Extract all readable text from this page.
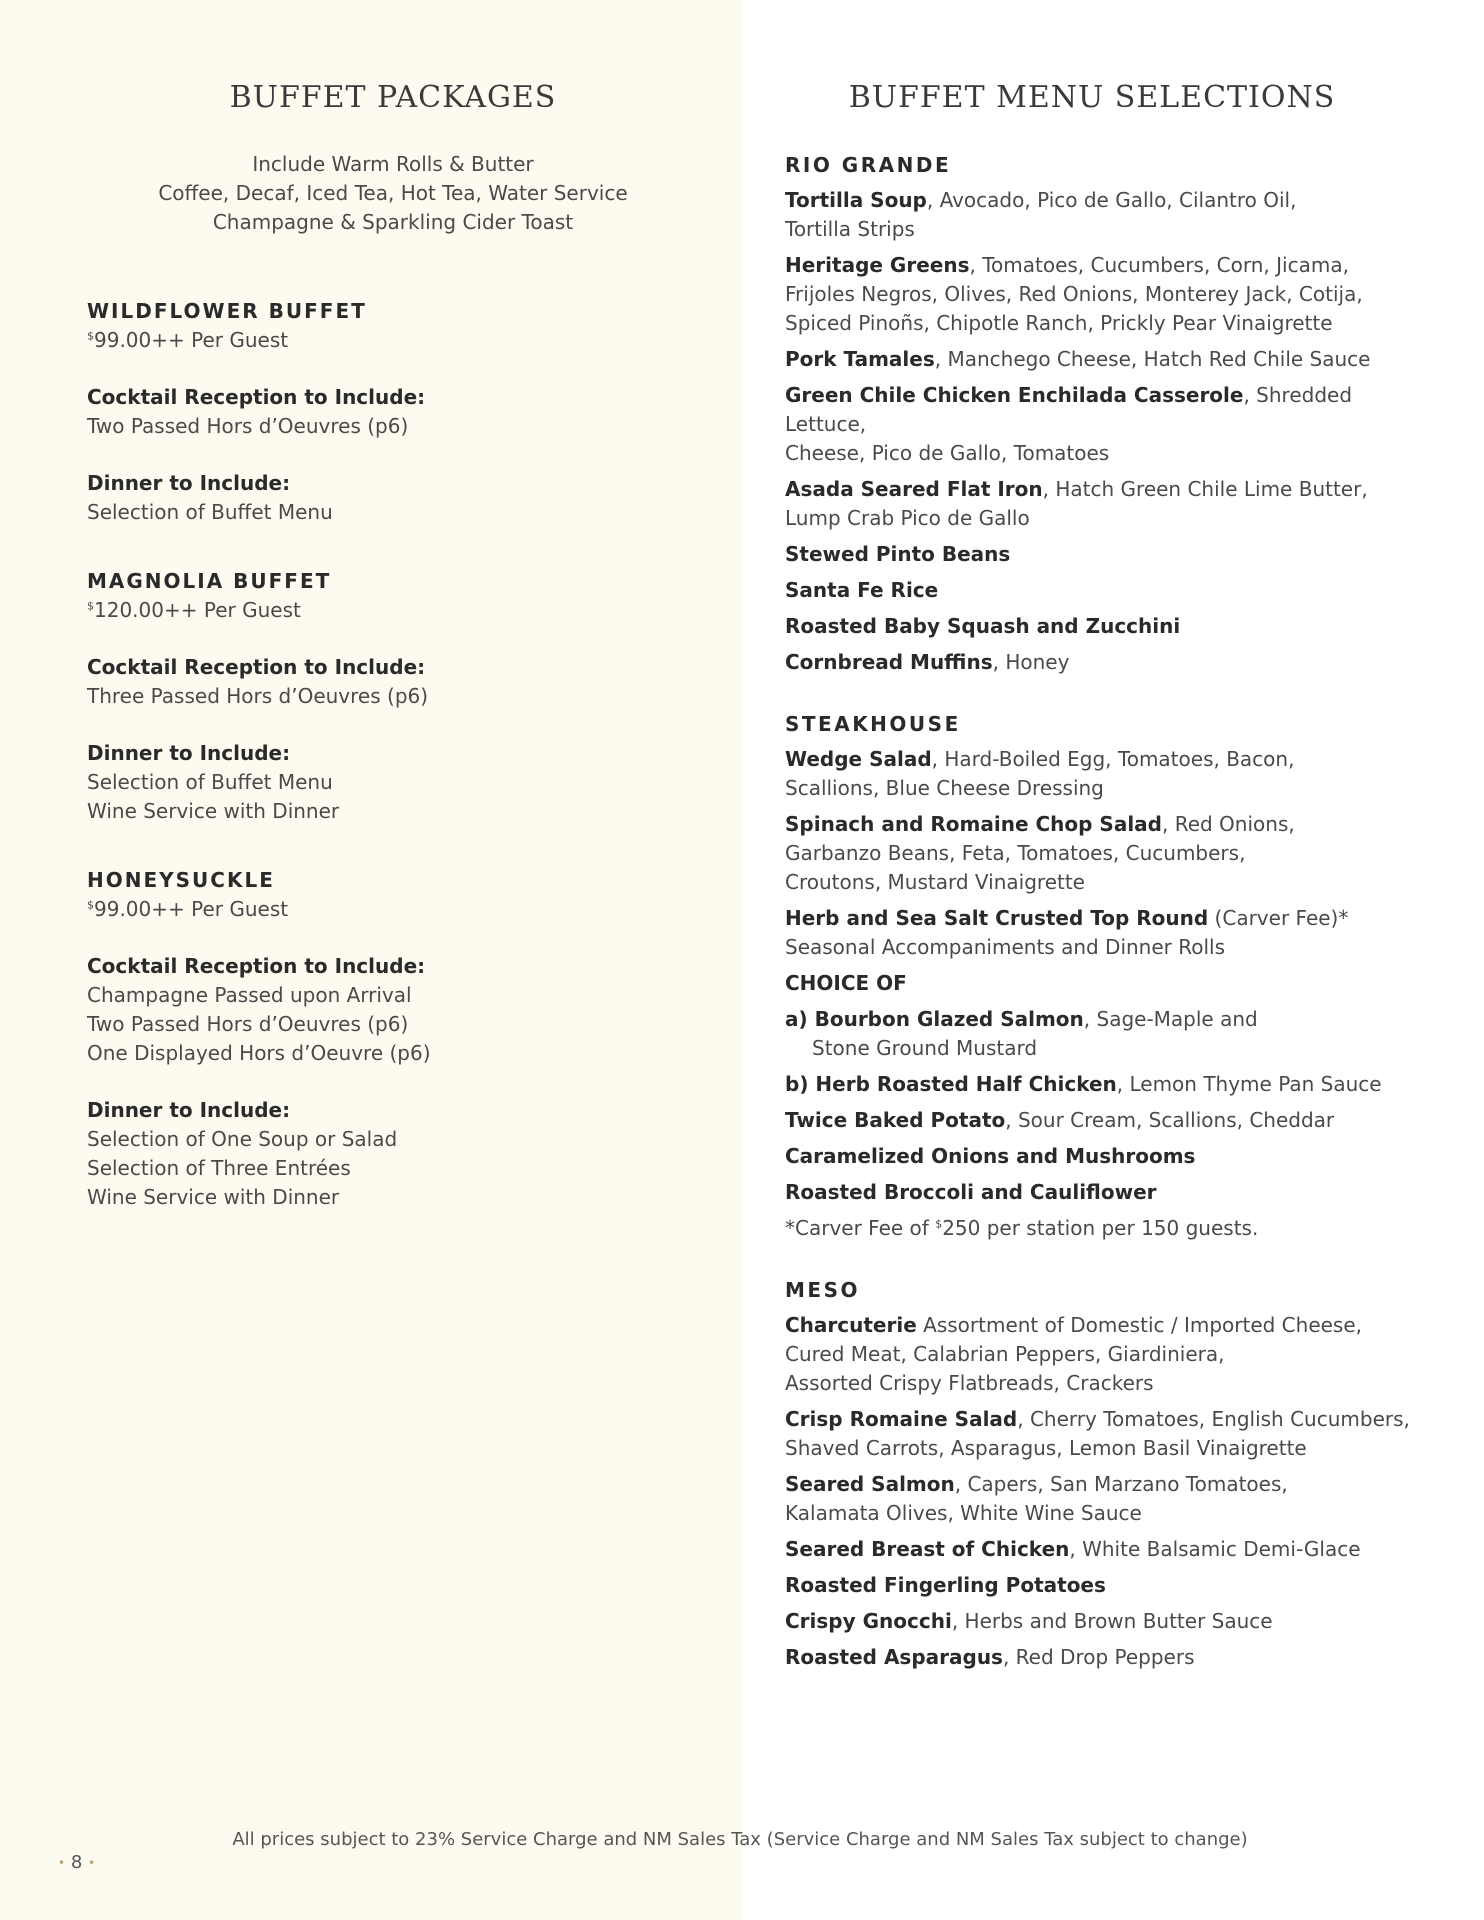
BUFFET PACKAGES	BUFFET MENU SELECTIONS
Include Warm Rolls & Butter
Coffee, Decaf, Iced Tea, Hot Tea, Water Service
Champagne & Sparkling Cider Toast
WILDFLOWER BUFFET
$99.00++ Per Guest
Cocktail Reception to Include:
Two Passed Hors d’Oeuvres (p6)
Dinner to Include:
Selection of Buffet Menu
MAGNOLIA BUFFET
$120.00++ Per Guest
Cocktail Reception to Include:
Three Passed Hors d’Oeuvres (p6)
Dinner to Include:
Selection of Buffet Menu
Wine Service with Dinner
HONEYSUCKLE
$99.00++ Per Guest
Cocktail Reception to Include:
Champagne Passed upon Arrival
Two Passed Hors d’Oeuvres (p6)
One Displayed Hors d’Oeuvre (p6)
Dinner to Include:
Selection of One Soup or Salad
Selection of Three Entrées
Wine Service with Dinner
RIO GRANDE
Tortilla Soup, Avocado, Pico de Gallo, Cilantro Oil,
Tortilla Strips
Heritage Greens, Tomatoes, Cucumbers, Corn, Jicama,
Frijoles Negros, Olives, Red Onions, Monterey Jack, Cotija,
Spiced Pinoñs, Chipotle Ranch, Prickly Pear Vinaigrette
Pork Tamales, Manchego Cheese, Hatch Red Chile Sauce
Green Chile Chicken Enchilada Casserole, Shredded Lettuce,
Cheese, Pico de Gallo, Tomatoes
Asada Seared Flat Iron, Hatch Green Chile Lime Butter,
Lump Crab Pico de Gallo
Stewed Pinto Beans
Santa Fe Rice
Roasted Baby Squash and Zucchini
Cornbread Muffins, Honey
STEAKHOUSE
Wedge Salad, Hard-Boiled Egg, Tomatoes, Bacon,
Scallions, Blue Cheese Dressing
Spinach and Romaine Chop Salad, Red Onions,
Garbanzo Beans, Feta, Tomatoes, Cucumbers,
Croutons, Mustard Vinaigrette
Herb and Sea Salt Crusted Top Round (Carver Fee)*
Seasonal Accompaniments and Dinner Rolls
CHOICE OF
a) Bourbon Glazed Salmon, Sage-Maple and
Stone Ground Mustard
b) Herb Roasted Half Chicken, Lemon Thyme Pan Sauce
Twice Baked Potato, Sour Cream, Scallions, Cheddar
Caramelized Onions and Mushrooms
Roasted Broccoli and Cauliflower
*Carver Fee of $250 per station per 150 guests.
MESO
Charcuterie Assortment of Domestic / Imported Cheese,
Cured Meat, Calabrian Peppers, Giardiniera,
Assorted Crispy Flatbreads, Crackers
Crisp Romaine Salad, Cherry Tomatoes, English Cucumbers,
Shaved Carrots, Asparagus, Lemon Basil Vinaigrette
Seared Salmon, Capers, San Marzano Tomatoes,
Kalamata Olives, White Wine Sauce
Seared Breast of Chicken, White Balsamic Demi-Glace
Roasted Fingerling Potatoes
Crispy Gnocchi, Herbs and Brown Butter Sauce
Roasted Asparagus, Red Drop Peppers
All prices subject to 23% Service Charge and NM Sales Tax (Service Charge and NM Sales Tax subject to change)
• 8 •
